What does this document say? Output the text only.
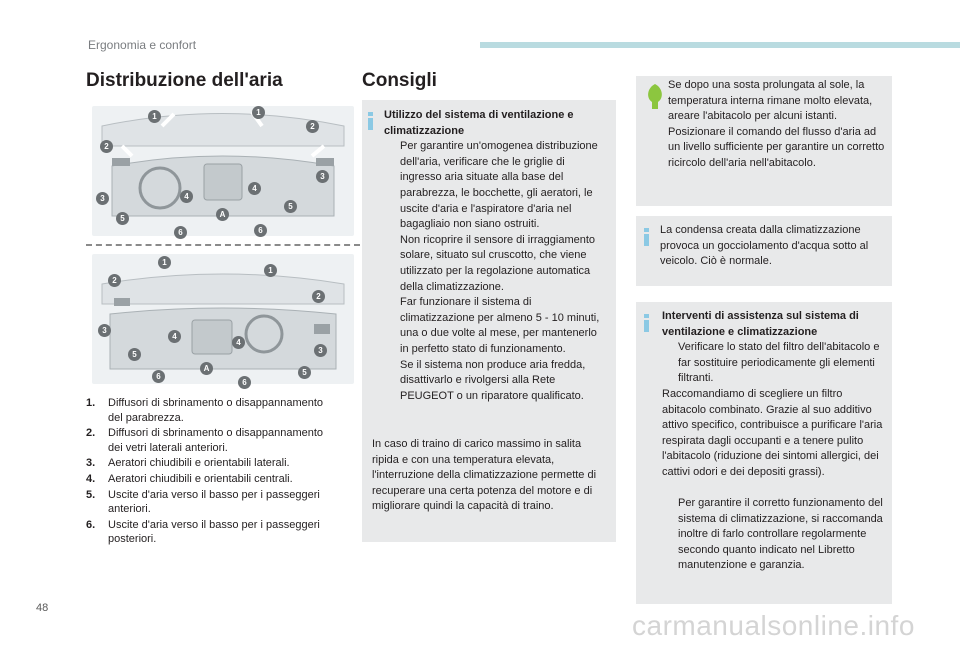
Ergonomia e confort
Distribuzione dell'aria
1	1
2
2
3
3
4
4
5
5
6	6
A
1
1
2
2
3
3
4
4
5
5
6
6
A
1.	Diffusori di sbrinamento o disappannamento del parabrezza.
2.	Diffusori di sbrinamento o disappannamento dei vetri laterali anteriori.
3.	Aeratori chiudibili e orientabili laterali.
4.	Aeratori chiudibili e orientabili centrali.
5.	Uscite d'aria verso il basso per i passeggeri anteriori.
6.	Uscite d'aria verso il basso per i passeggeri posteriori.
Consigli
Utilizzo del sistema di ventilazione e climatizzazione
Per garantire un'omogenea distribuzione dell'aria, verificare che le griglie di ingresso aria situate alla base del parabrezza, le bocchette, gli aeratori, le uscite d'aria e l'aspiratore d'aria nel bagagliaio non siano ostruiti.
Non ricoprire il sensore di irraggiamento solare, situato sul cruscotto, che viene utilizzato per la regolazione automatica della climatizzazione.
Far funzionare il sistema di climatizzazione per almeno 5 - 10 minuti, una o due volte al mese, per mantenerlo in perfetto stato di funzionamento.
Se il sistema non produce aria fredda, disattivarlo e rivolgersi alla Rete PEUGEOT o un riparatore qualificato.
In caso di traino di carico massimo in salita ripida e con una temperatura elevata, l'interruzione della climatizzazione permette di recuperare una certa potenza del motore e di migliorare quindi la capacità di traino.
Se dopo una sosta prolungata al sole, la temperatura interna rimane molto elevata, areare l'abitacolo per alcuni istanti.
Posizionare il comando del flusso d'aria ad un livello sufficiente per garantire un corretto ricircolo dell'aria nell'abitacolo.
La condensa creata dalla climatizzazione provoca un gocciolamento d'acqua sotto al veicolo. Ciò è normale.
Interventi di assistenza sul sistema di ventilazione e climatizzazione
Verificare lo stato del filtro dell'abitacolo e far sostituire periodicamente gli elementi filtranti.
Raccomandiamo di scegliere un filtro abitacolo combinato. Grazie al suo additivo attivo specifico, contribuisce a purificare l'aria respirata dagli occupanti e a tenere pulito l'abitacolo (riduzione dei sintomi allergici, dei cattivi odori e dei depositi grassi).
Per garantire il corretto funzionamento del sistema di climatizzazione, si raccomanda inoltre di farlo controllare regolarmente secondo quanto indicato nel Libretto manutenzione e garanzia.
48
carmanualsonline.info
